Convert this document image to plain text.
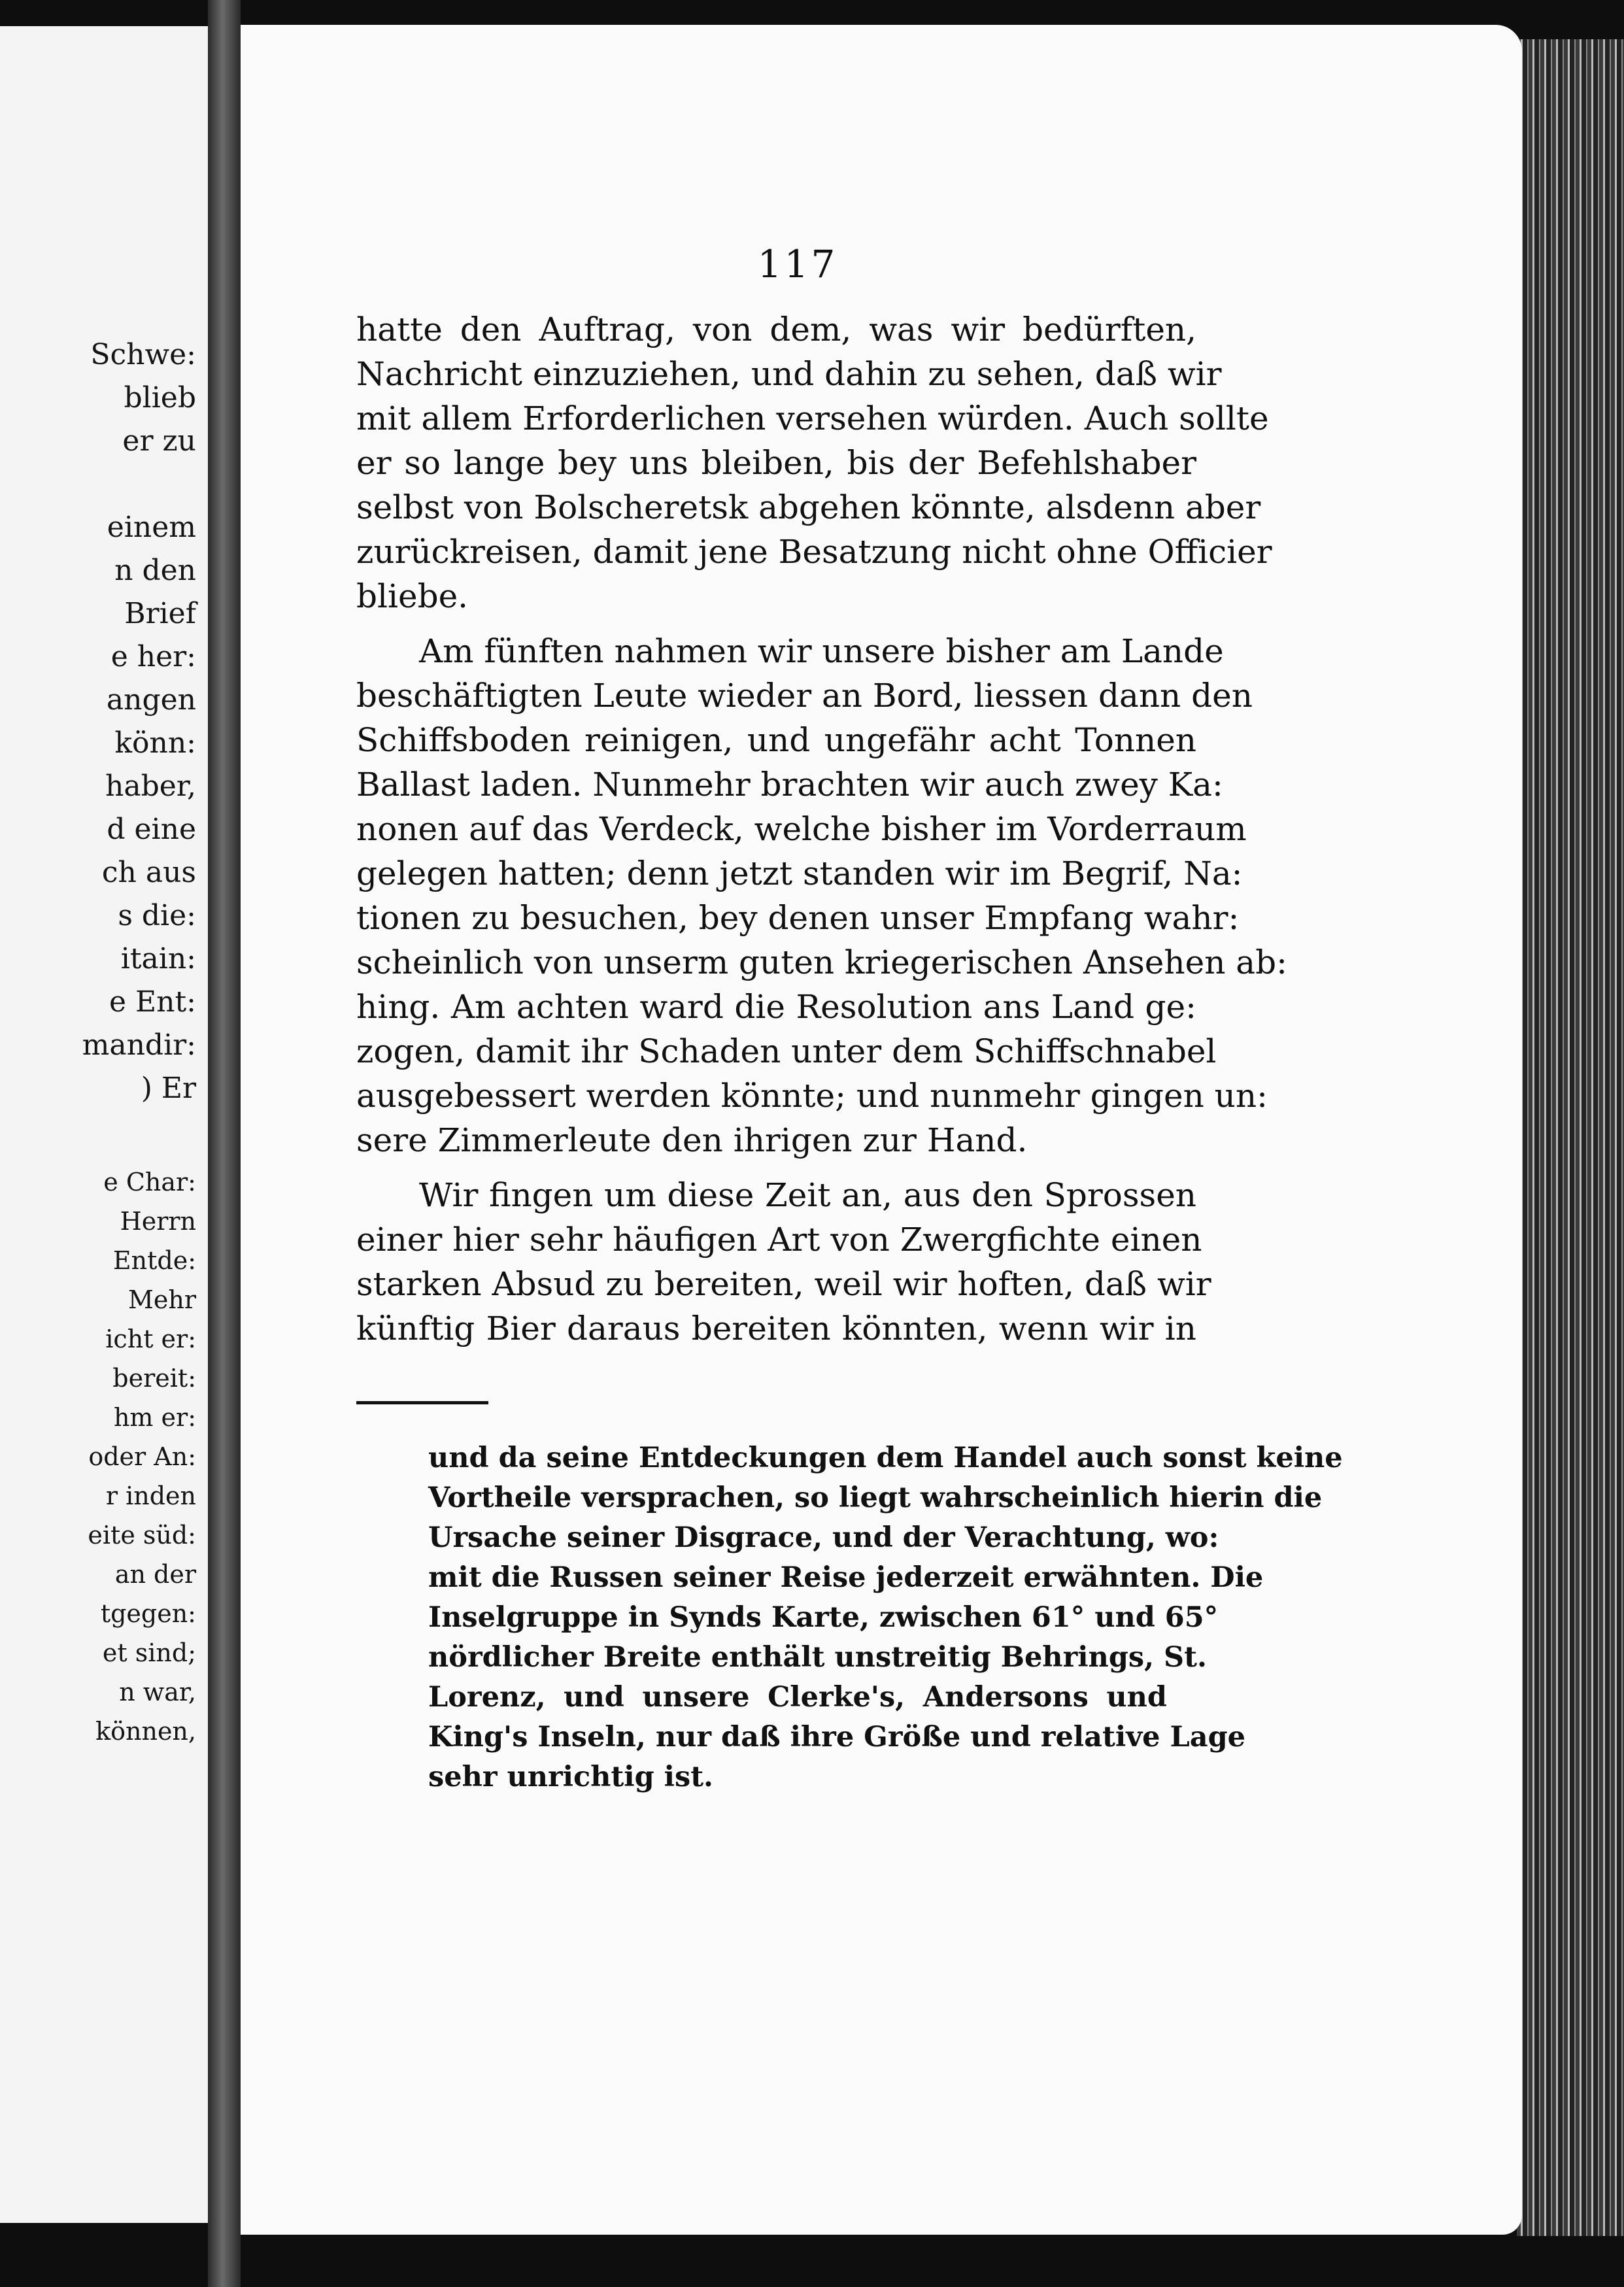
Schwe:
blieb
er zu
einem
n den
Brief
e her:
angen
könn:
haber,
d eine
ch aus
s die:
itain:
e Ent:
mandir:
) Er
e Char:
Herrn
Entde:
Mehr
icht er:
bereit:
hm er:
oder An:
r inden
eite süd:
an der
tgegen:
et sind;
n war,
können,
117
hatte den Auftrag, von dem, was wir bedürften,
Nachricht einzuziehen, und dahin zu sehen, daß wir
mit allem Erforderlichen versehen würden. Auch sollte
er so lange bey uns bleiben, bis der Befehlshaber
selbst von Bolscheretsk abgehen könnte, alsdenn aber
zurückreisen, damit jene Besatzung nicht ohne Officier
bliebe.
Am fünften nahmen wir unsere bisher am Lande
beschäftigten Leute wieder an Bord, liessen dann den
Schiffsboden reinigen, und ungefähr acht Tonnen
Ballast laden. Nunmehr brachten wir auch zwey Ka:
nonen auf das Verdeck, welche bisher im Vorderraum
gelegen hatten; denn jetzt standen wir im Begrif, Na:
tionen zu besuchen, bey denen unser Empfang wahr:
scheinlich von unserm guten kriegerischen Ansehen ab:
hing. Am achten ward die Resolution ans Land ge:
zogen, damit ihr Schaden unter dem Schiffschnabel
ausgebessert werden könnte; und nunmehr gingen un:
sere Zimmerleute den ihrigen zur Hand.
Wir fingen um diese Zeit an, aus den Sprossen
einer hier sehr häufigen Art von Zwergfichte einen
starken Absud zu bereiten, weil wir hoften, daß wir
künftig Bier daraus bereiten könnten, wenn wir in
und da seine Entdeckungen dem Handel auch sonst keine
Vortheile versprachen, so liegt wahrscheinlich hierin die
Ursache seiner Disgrace, und der Verachtung, wo:
mit die Russen seiner Reise jederzeit erwähnten. Die
Inselgruppe in Synds Karte, zwischen 61° und 65°
nördlicher Breite enthält unstreitig Behrings, St.
Lorenz, und unsere Clerke's, Andersons und
King's Inseln, nur daß ihre Größe und relative Lage
sehr unrichtig ist.
